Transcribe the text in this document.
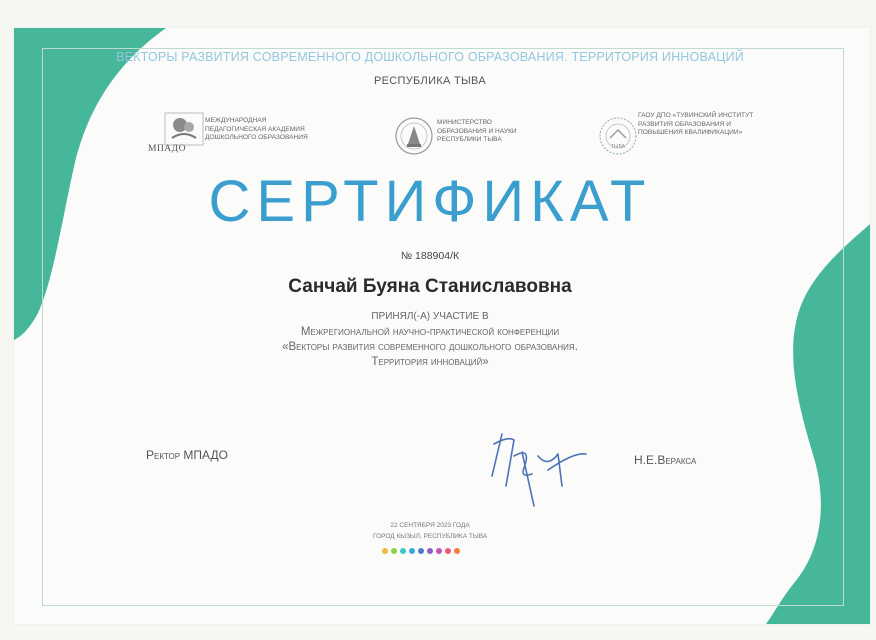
ВЕКТОРЫ РАЗВИТИЯ СОВРЕМЕННОГО ДОШКОЛЬНОГО ОБРАЗОВАНИЯ. ТЕРРИТОРИЯ ИННОВАЦИЙ
РЕСПУБЛИКА ТЫВА
МПАДО
МЕЖДУНАРОДНАЯ ПЕДАГОГИЧЕСКАЯ АКАДЕМИЯ ДОШКОЛЬНОГО ОБРАЗОВАНИЯ
МИНИСТЕРСТВО ОБРАЗОВАНИЯ И НАУКИ РЕСПУБЛИКИ ТЫВА
ТЫВА
ГАОУ ДПО «ТУВИНСКИЙ ИНСТИТУТ РАЗВИТИЯ ОБРАЗОВАНИЯ И ПОВЫШЕНИЯ КВАЛИФИКАЦИИ»
СЕРТИФИКАТ
№ 188904/К
Санчай Буяна Станиславовна
ПРИНЯЛ(-А) УЧАСТИЕ В
Межрегиональной научно-практической конференции
«Векторы развития современного дошкольного образования.
Территория инноваций»
Ректор МПАДО	Н.Е.Веракса
22 СЕНТЯБРЯ 2023 ГОДА
ГОРОД КЫЗЫЛ, РЕСПУБЛИКА ТЫВА
